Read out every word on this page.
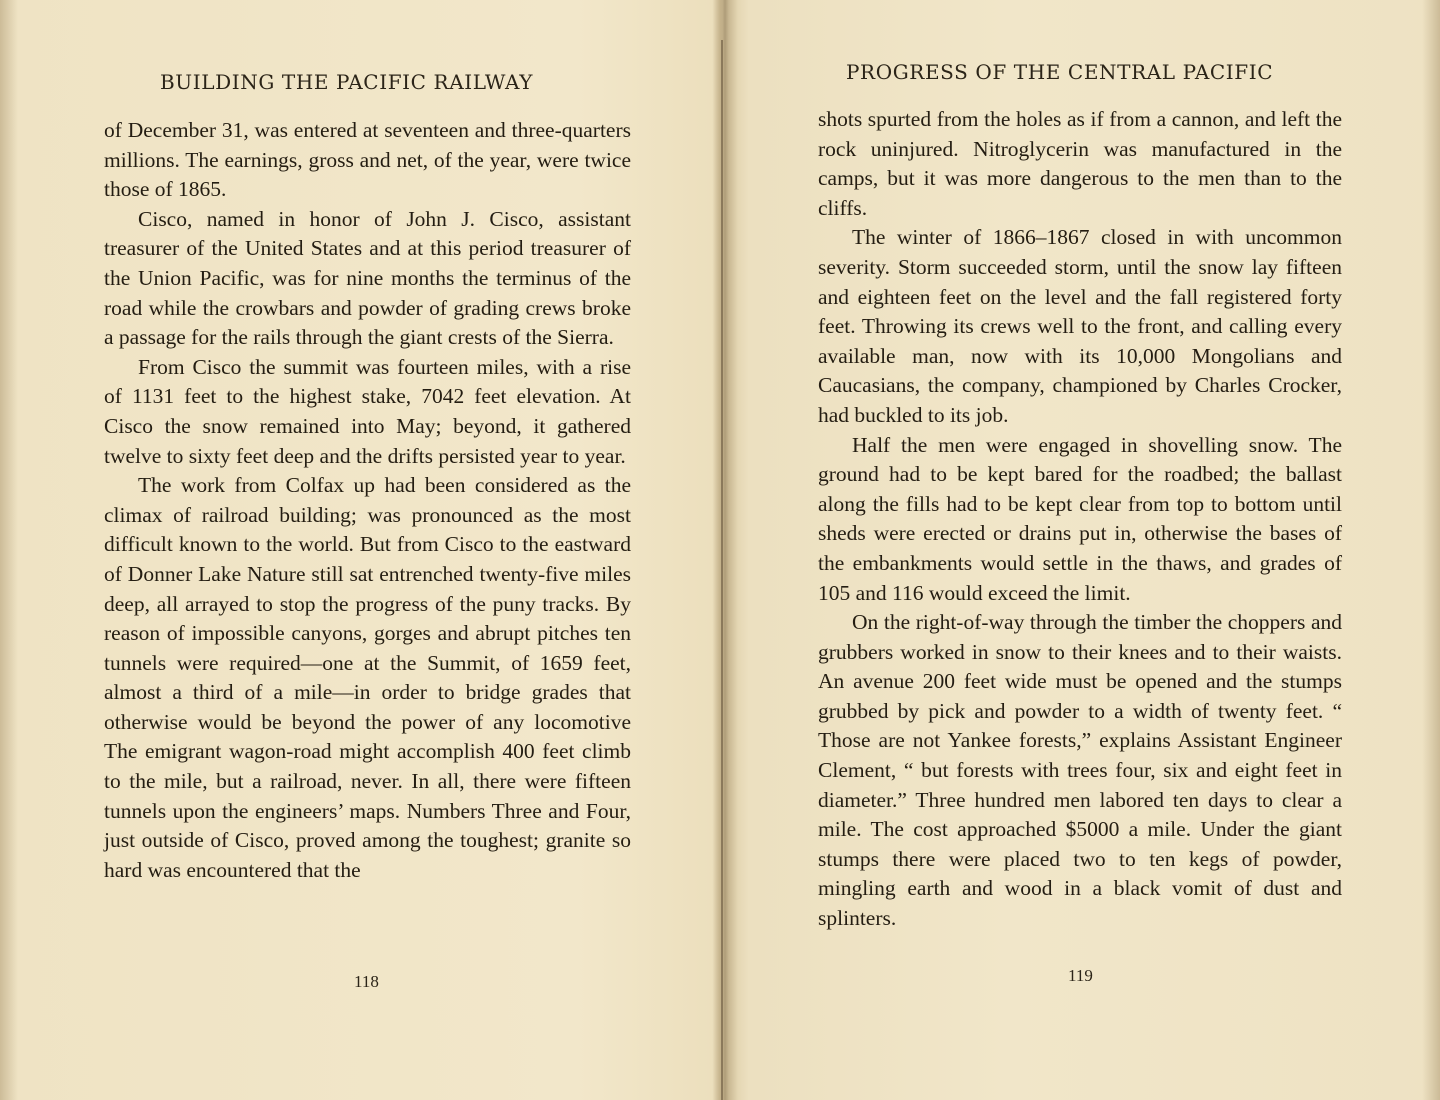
BUILDING THE PACIFIC RAILWAY

of December 31, was entered at seventeen and three-quarters millions. The earnings, gross and net, of the year, were twice those of 1865.

Cisco, named in honor of John J. Cisco, assistant treasurer of the United States and at this period treasurer of the Union Pacific, was for nine months the terminus of the road while the crowbars and powder of grading crews broke a passage for the rails through the giant crests of the Sierra.

From Cisco the summit was fourteen miles, with a rise of 1131 feet to the highest stake, 7042 feet elevation. At Cisco the snow remained into May; beyond, it gathered twelve to sixty feet deep and the drifts persisted year to year.

The work from Colfax up had been considered as the climax of railroad building; was pronounced as the most difficult known to the world. But from Cisco to the eastward of Donner Lake Nature still sat entrenched twenty-five miles deep, all arrayed to stop the progress of the puny tracks. By reason of impossible canyons, gorges and abrupt pitches ten tunnels were required—one at the Summit, of 1659 feet, almost a third of a mile—in order to bridge grades that otherwise would be beyond the power of any locomotive The emigrant wagon-road might accomplish 400 feet climb to the mile, but a railroad, never. In all, there were fifteen tunnels upon the engineers’ maps. Numbers Three and Four, just outside of Cisco, proved among the toughest; granite so hard was encountered that the

118
PROGRESS OF THE CENTRAL PACIFIC

shots spurted from the holes as if from a cannon, and left the rock uninjured. Nitroglycerin was manufactured in the camps, but it was more dangerous to the men than to the cliffs.

The winter of 1866–1867 closed in with uncommon severity. Storm succeeded storm, until the snow lay fifteen and eighteen feet on the level and the fall registered forty feet. Throwing its crews well to the front, and calling every available man, now with its 10,000 Mongolians and Caucasians, the company, championed by Charles Crocker, had buckled to its job.

Half the men were engaged in shovelling snow. The ground had to be kept bared for the roadbed; the ballast along the fills had to be kept clear from top to bottom until sheds were erected or drains put in, otherwise the bases of the embankments would settle in the thaws, and grades of 105 and 116 would exceed the limit.

On the right-of-way through the timber the choppers and grubbers worked in snow to their knees and to their waists. An avenue 200 feet wide must be opened and the stumps grubbed by pick and powder to a width of twenty feet. “ Those are not Yankee forests,” explains Assistant Engineer Clement, “ but forests with trees four, six and eight feet in diameter.” Three hundred men labored ten days to clear a mile. The cost approached $5000 a mile. Under the giant stumps there were placed two to ten kegs of powder, mingling earth and wood in a black vomit of dust and splinters.

119
